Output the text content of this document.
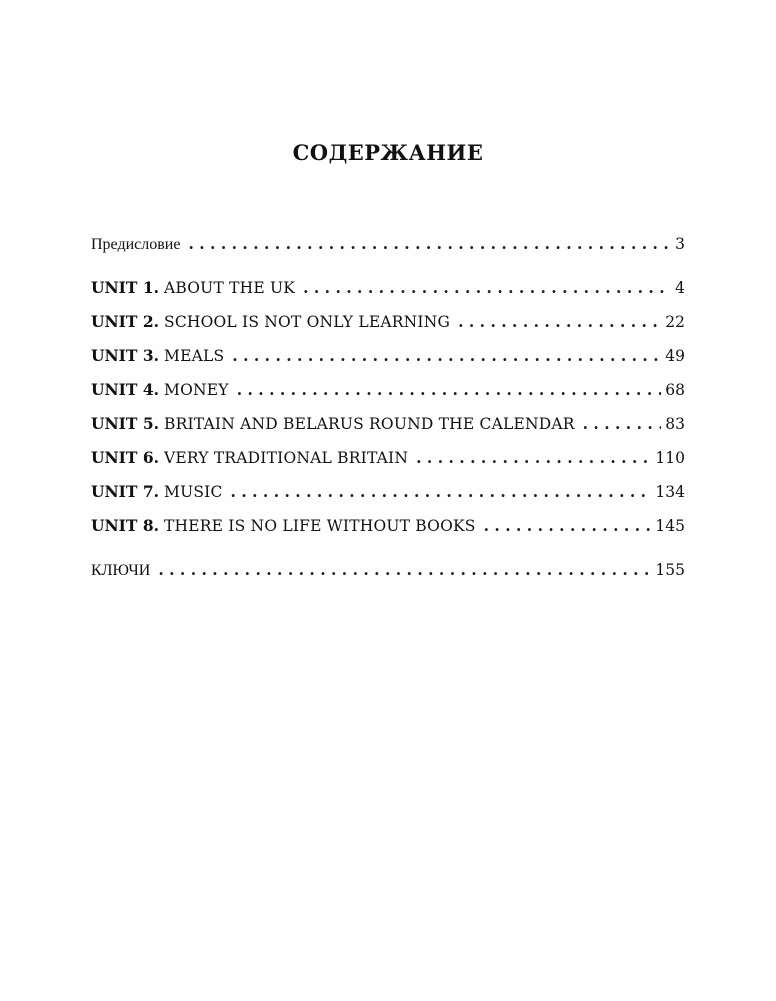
СОДЕРЖАНИЕ
Предисловие . . .	3
UNIT 1. ABOUT THE UK . . .	4
UNIT 2. SCHOOL IS NOT ONLY LEARNING . . .	22
UNIT 3. MEALS . . .	49
UNIT 4. MONEY . . .	68
UNIT 5. BRITAIN AND BELARUS ROUND THE CALENDAR . . .	83
UNIT 6. VERY TRADITIONAL BRITAIN . . .	110
UNIT 7. MUSIC . . .	134
UNIT 8. THERE IS NO LIFE WITHOUT BOOKS . . .	145
КЛЮЧИ . . .	155
